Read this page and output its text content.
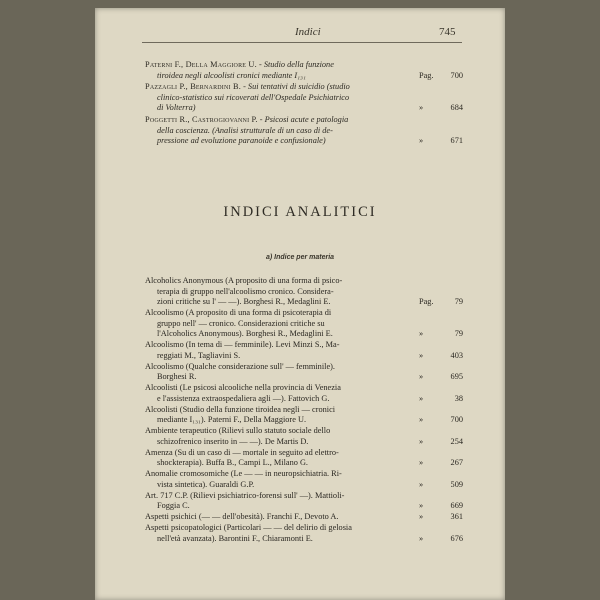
Indici	745
Paterni F., Della Maggiore U. - Studio della funzione
tiroidea negli alcoolisti cronici mediante I₁₃₁	Pag. 700
Pazzagli P., Bernardini B. - Sui tentativi di suicidio (studio
clinico-statistico sui ricoverati dell'Ospedale Psichiatrico
di Volterra)	»	684
Poggetti R., Castrogiovanni P. - Psicosi acute e patologia
della coscienza. (Analisi strutturale di un caso di de-
pressione ad evoluzione paranoide e confusionale)	»	671
INDICI ANALITICI
a) Indice per materia
Alcoholics Anonymous (A proposito di una forma di psico-
terapia di gruppo nell'alcoolismo cronico. Considera-
zioni critiche su l' — —). Borghesi R., Medaglini E.	Pag.	79
Alcoolismo (A proposito di una forma di psicoterapia di
gruppo nell' — cronico. Considerazioni critiche su
l'Alcoholics Anonymous). Borghesi R., Medaglini E.	»	79
Alcoolismo (In tema di — femminile). Levi Minzi S., Ma-
reggiati M., Tagliavini S.	»	403
Alcoolismo (Qualche considerazione sull' — femminile).
Borghesi R.	»	695
Alcoolisti (Le psicosi alcooliche nella provincia di Venezia
e l'assistenza extraospedaliera agli —). Fattovich G.	»	38
Alcoolisti (Studio della funzione tiroidea negli — cronici
mediante I₁₃₁). Paterni F., Della Maggiore U.	»	700
Ambiente terapeutico (Rilievi sullo statuto sociale dello
schizofrenico inserito in — —). De Martis D.	»	254
Amenza (Su di un caso di — mortale in seguito ad elettro-
shockterapia). Buffa B., Campi L., Milano G.	»	267
Anomalie cromosomiche (Le — — in neuropsichiatria. Ri-
vista sintetica). Guaraldi G.P.	»	509
Art. 717 C.P. (Rilievi psichiatrico-forensi sull' —). Mattioli-
Foggia C.	»	669
Aspetti psichici (— — dell'obesità). Franchi F., Devoto A.	»	361
Aspetti psicopatologici (Particolari — — del delirio di gelosia
nell'età avanzata). Barontini F., Chiaramonti E.	»	676
